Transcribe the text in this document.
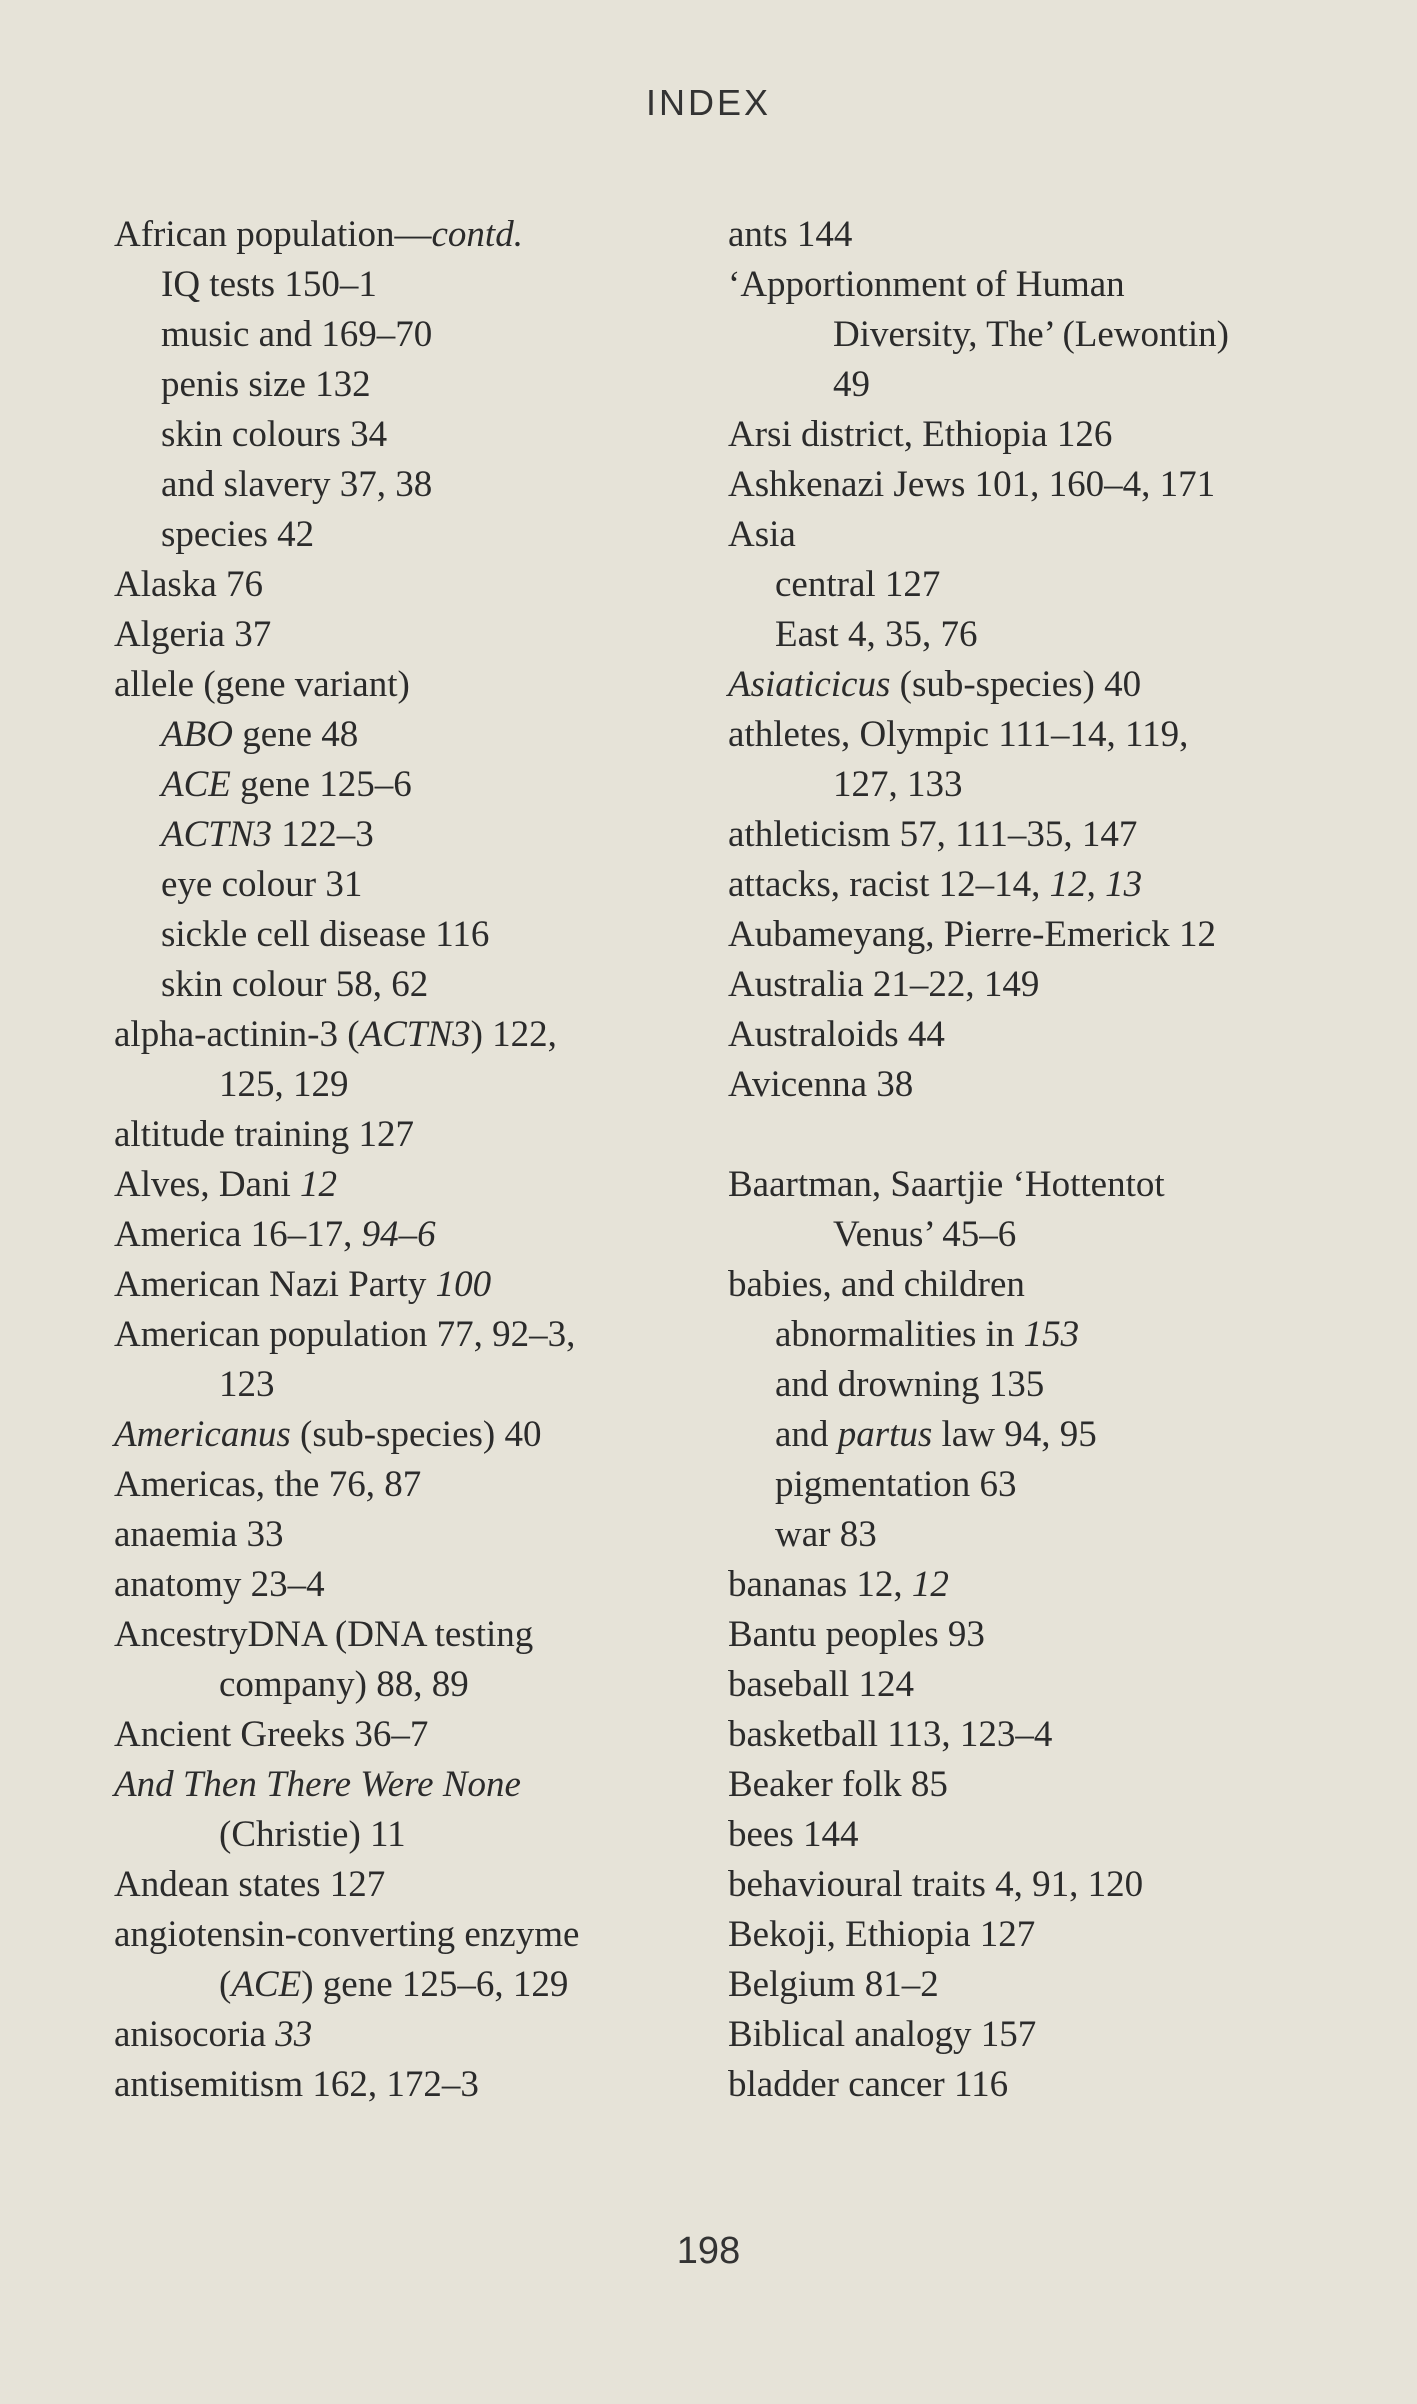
INDEX
African population—contd.
IQ tests 150–1
music and 169–70
penis size 132
skin colours 34
and slavery 37, 38
species 42
Alaska 76
Algeria 37
allele (gene variant)
ABO gene 48
ACE gene 125–6
ACTN3 122–3
eye colour 31
sickle cell disease 116
skin colour 58, 62
alpha-actinin-3 (ACTN3) 122,
125, 129
altitude training 127
Alves, Dani 12
America 16–17, 94–6
American Nazi Party 100
American population 77, 92–3,
123
Americanus (sub-species) 40
Americas, the 76, 87
anaemia 33
anatomy 23–4
AncestryDNA (DNA testing
company) 88, 89
Ancient Greeks 36–7
And Then There Were None
(Christie) 11
Andean states 127
angiotensin-converting enzyme
(ACE) gene 125–6, 129
anisocoria 33
antisemitism 162, 172–3
ants 144
‘Apportionment of Human
Diversity, The’ (Lewontin)
49
Arsi district, Ethiopia 126
Ashkenazi Jews 101, 160–4, 171
Asia
central 127
East 4, 35, 76
Asiaticicus (sub-species) 40
athletes, Olympic 111–14, 119,
127, 133
athleticism 57, 111–35, 147
attacks, racist 12–14, 12, 13
Aubameyang, Pierre-Emerick 12
Australia 21–22, 149
Australoids 44
Avicenna 38
Baartman, Saartjie ‘Hottentot
Venus’ 45–6
babies, and children
abnormalities in 153
and drowning 135
and partus law 94, 95
pigmentation 63
war 83
bananas 12, 12
Bantu peoples 93
baseball 124
basketball 113, 123–4
Beaker folk 85
bees 144
behavioural traits 4, 91, 120
Bekoji, Ethiopia 127
Belgium 81–2
Biblical analogy 157
bladder cancer 116
198
